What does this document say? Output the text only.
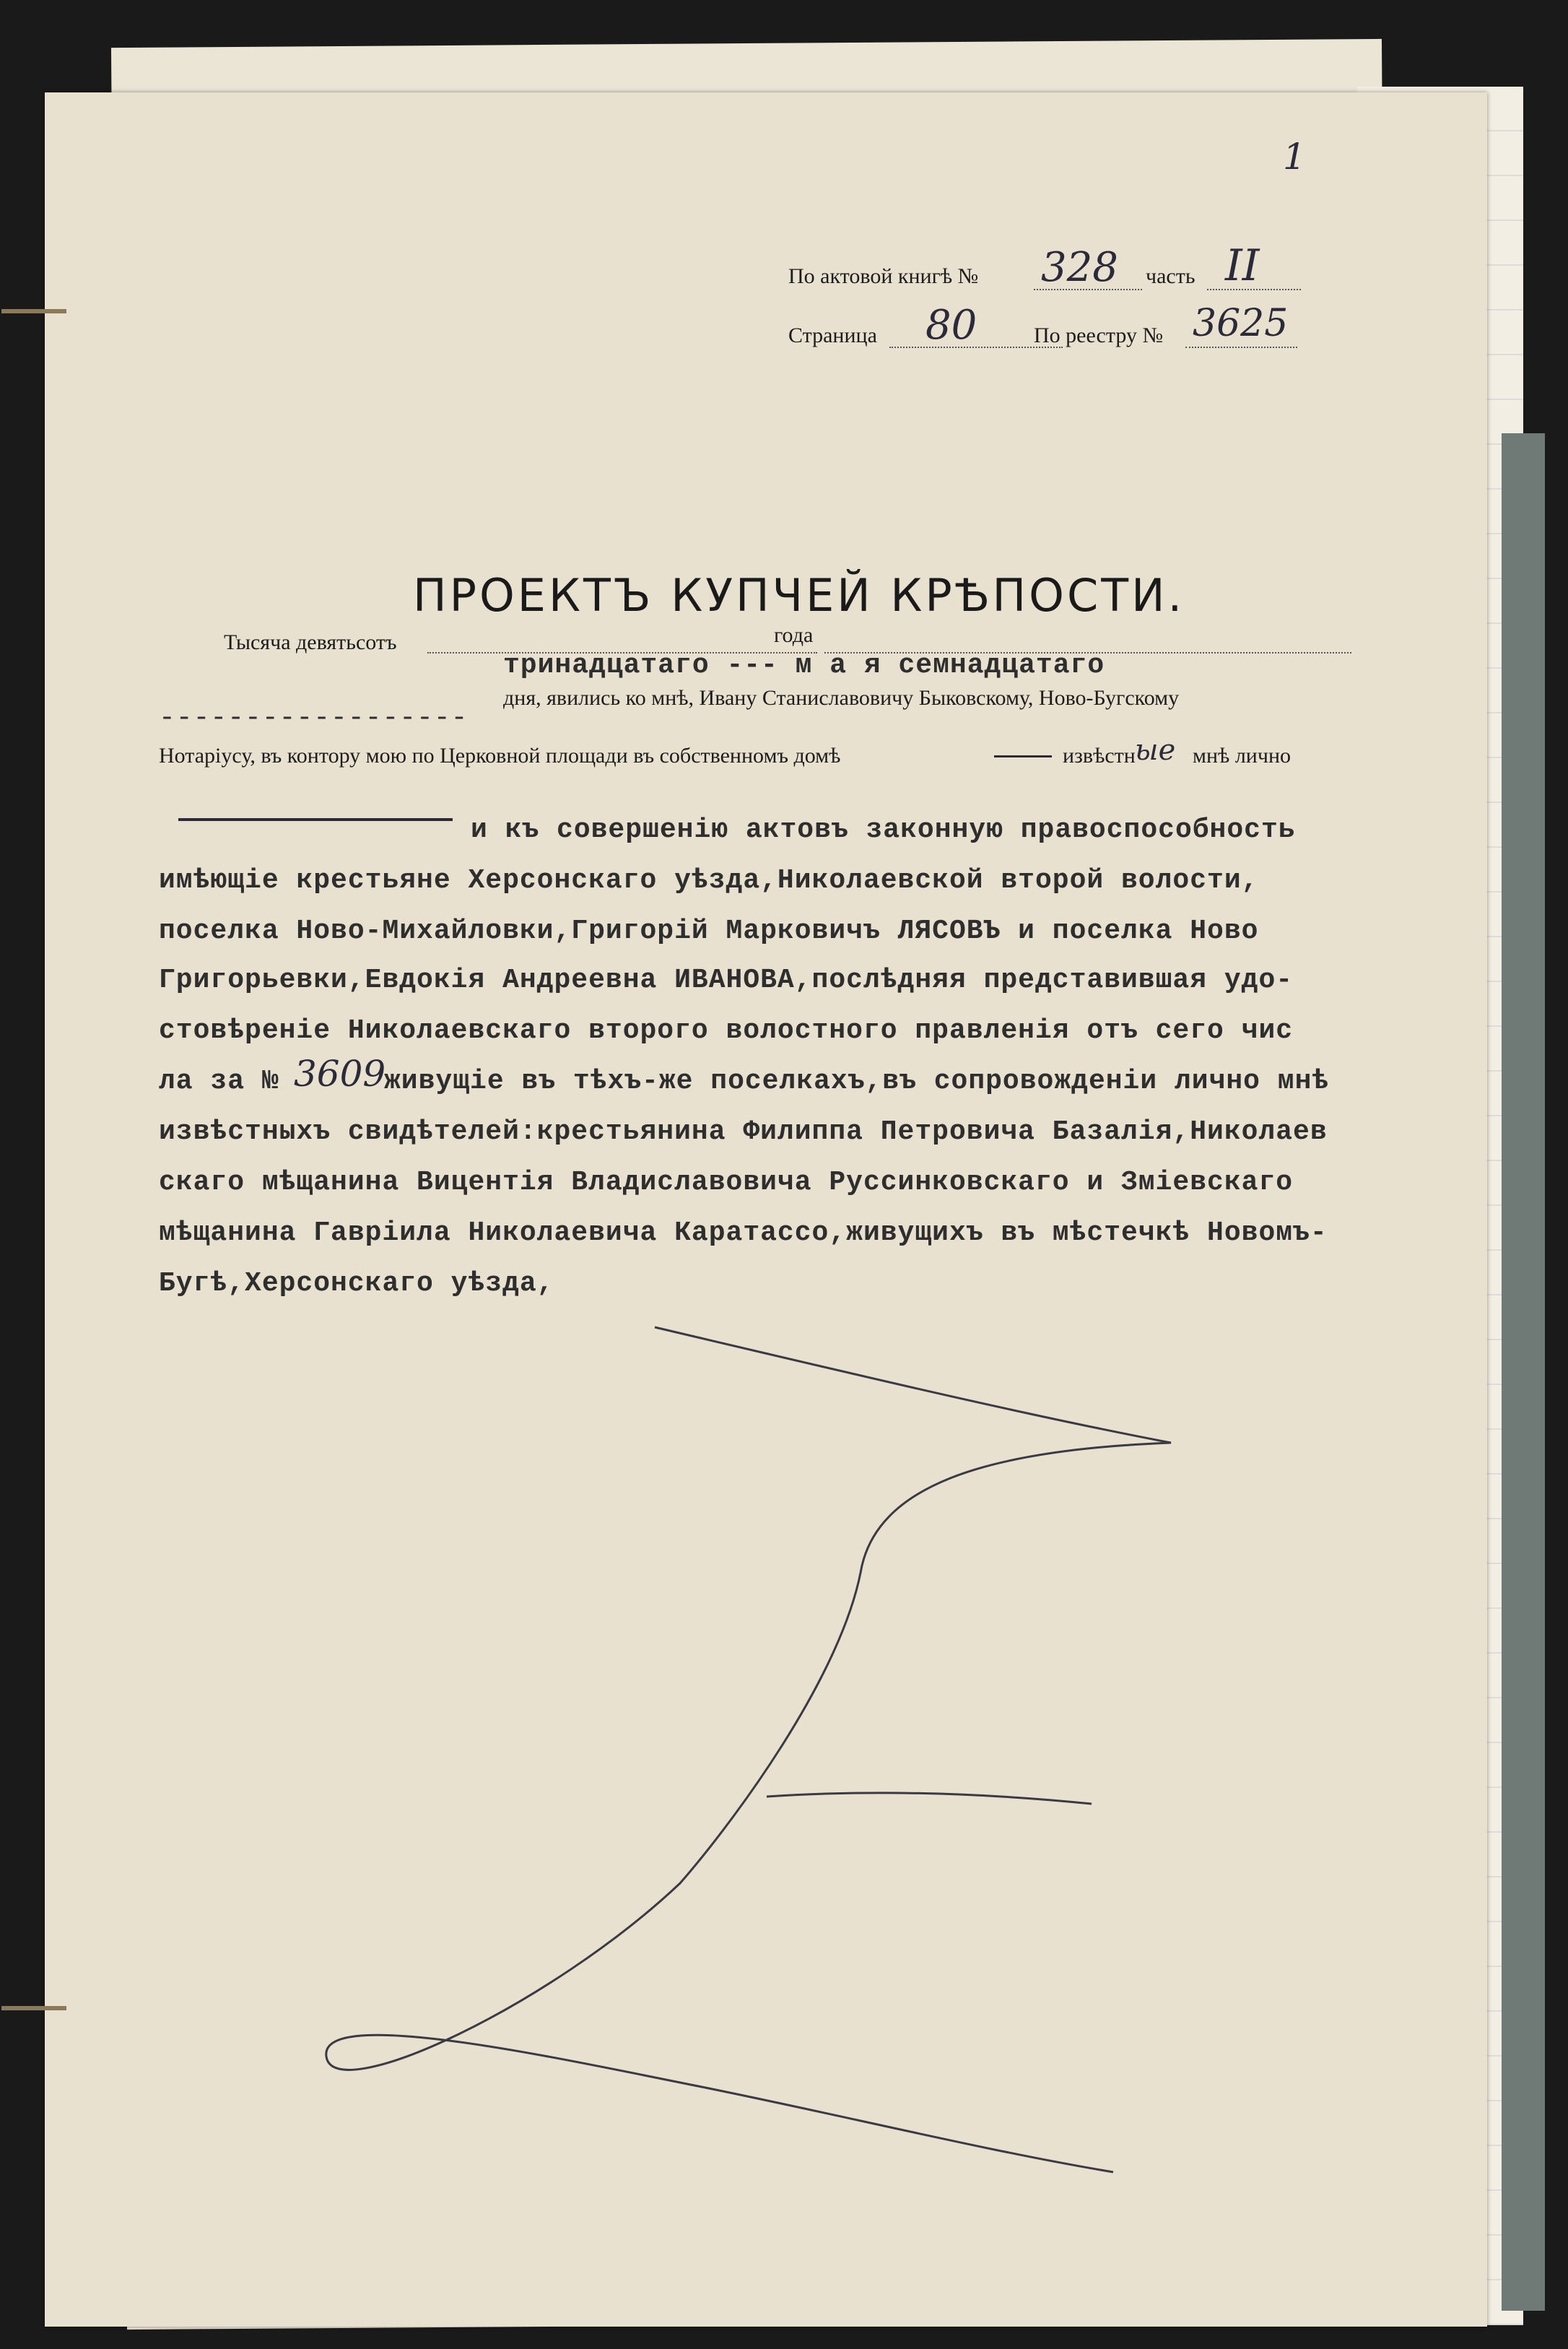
1
По актовой книгѣ № 328 часть II
Страница 80	По реестру № 3625
ПРОЕКТЪ КУПЧЕЙ КРѢПОСТИ.
Тысяча девятьсотъ	года
тринадцатаго --- м а я семнадцатаго
------------------
дня, явились ко мнѣ, Ивану Станиславовичу Быковскому, Ново-Бугскому
Нотаріусу, въ контору мою по Церковной площади въ собственномъ домѣ	извѣстн ые мнѣ лично
и къ совершенію актовъ законную правоспособность
имѣющіе крестьяне Херсонскаго уѣзда,Николаевской второй волости,
поселка Ново-Михайловки,Григорій Марковичъ ЛЯСОВЪ и поселка Ново
Григорьевки,Евдокія Андреевна ИВАНОВА,послѣдняя представившая удо-
стовѣреніе Николаевскаго второго волостного правленія отъ сего чис
ла за № 3609
живущіе въ тѣхъ-же поселкахъ,въ сопровожденіи лично мнѣ
извѣстныхъ свидѣтелей:крестьянина Филиппа Петровича Базалія,Николаев
скаго мѣщанина Вицентія Владиславовича Руссинковскаго и Зміевскаго
мѣщанина Гавріила Николаевича Каратассо,живущихъ въ мѣстечкѣ Новомъ-
Бугѣ,Херсонскаго уѣзда,
